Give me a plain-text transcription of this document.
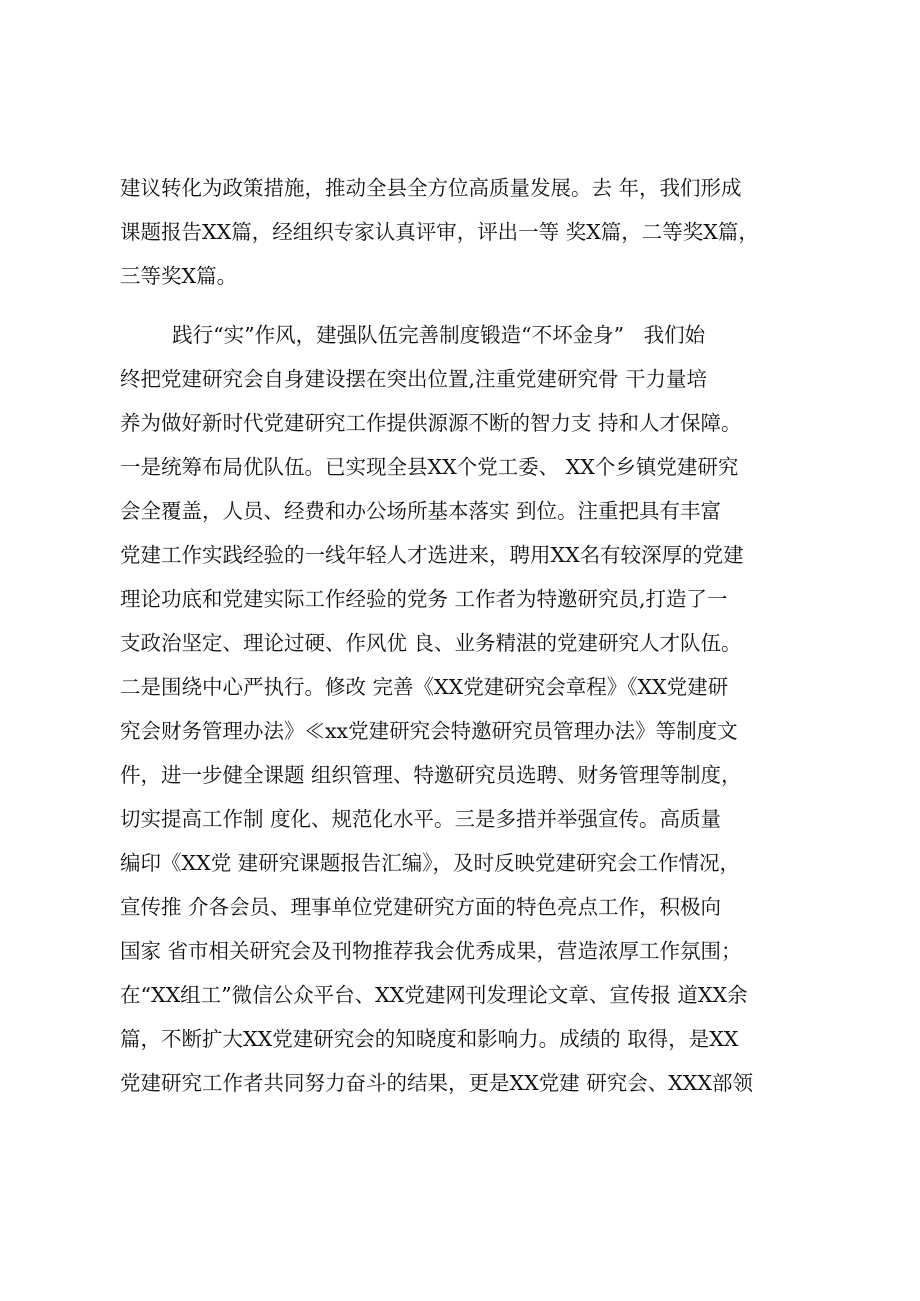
建议转化为政策措施，推动全县全方位高质量发展。去 年，我们形成
课题报告XX篇，经组织专家认真评审，评出一等 奖X篇，二等奖X篇，
三等奖X篇。
践行“实”作风，建强队伍完善制度锻造“不坏金身”   我们始
终把党建研究会自身建设摆在突出位置,注重党建研究骨 干力量培
养为做好新时代党建研究工作提供源源不断的智力支 持和人才保障。
一是统筹布局优队伍。已实现全县XX个党工委、 XX个乡镇党建研究
会全覆盖，人员、经费和办公场所基本落实 到位。注重把具有丰富
党建工作实践经验的一线年轻人才选进来，聘用XX名有较深厚的党建
理论功底和党建实际工作经验的党务 工作者为特邀研究员,打造了一
支政治坚定、理论过硬、作风优 良、业务精湛的党建研究人才队伍。
二是围绕中心严执行。修改 完善《XX党建研究会章程》《XX党建研
究会财务管理办法》≪xx党建研究会特邀研究员管理办法》等制度文
件，进一步健全课题 组织管理、特邀研究员选聘、财务管理等制度，
切实提高工作制 度化、规范化水平。三是多措并举强宣传。高质量
编印《XX党 建研究课题报告汇编》，及时反映党建研究会工作情况，
宣传推 介各会员、理事单位党建研究方面的特色亮点工作，积极向
国家 省市相关研究会及刊物推荐我会优秀成果，营造浓厚工作氛围；
在“XX组工”微信公众平台、XX党建网刊发理论文章、宣传报 道XX余
篇，不断扩大XX党建研究会的知晓度和影响力。成绩的 取得，是XX
党建研究工作者共同努力奋斗的结果，更是XX党建 研究会、XXX部领
